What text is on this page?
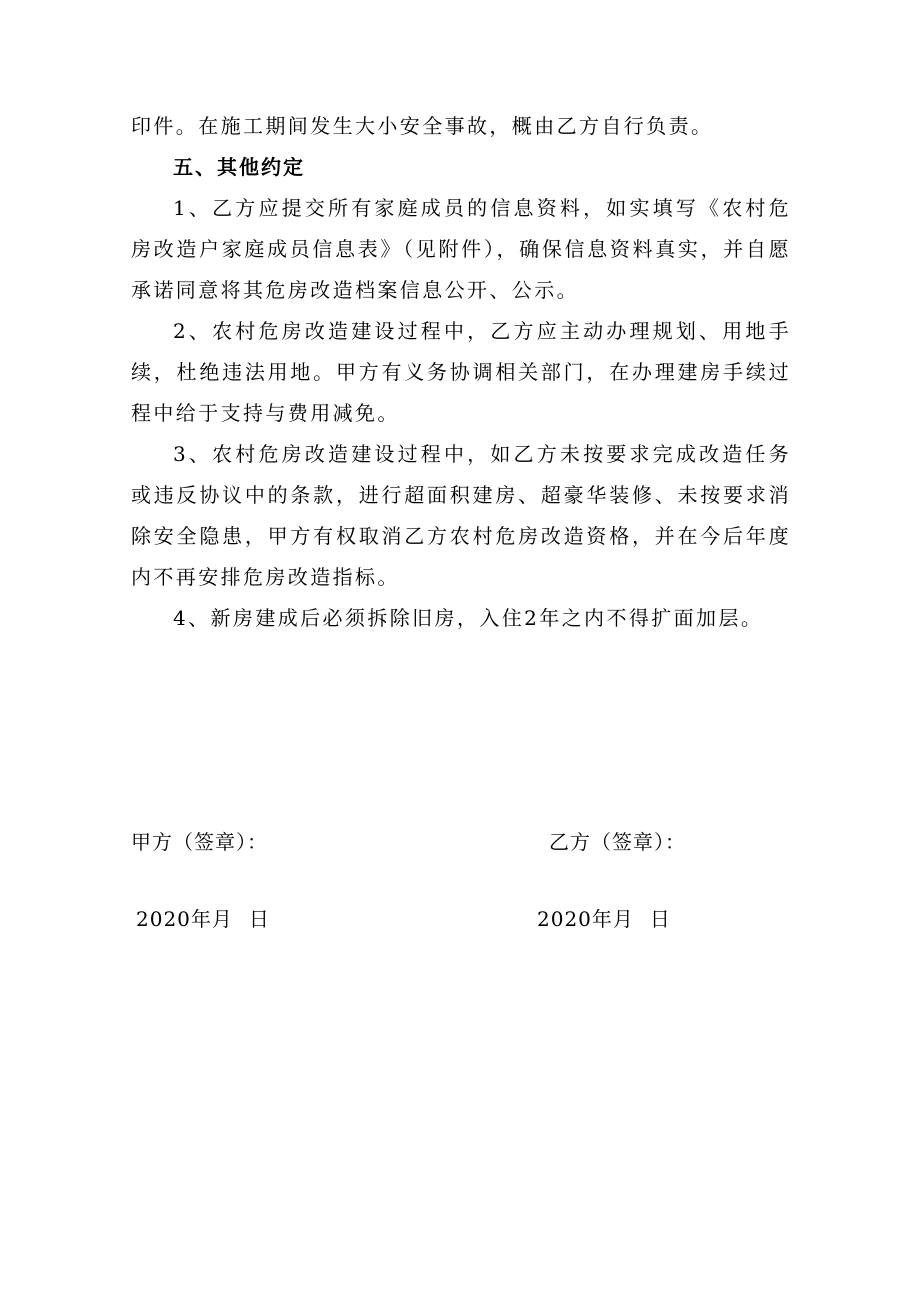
印件。在施工期间发生大小安全事故，概由乙方自行负责。

五、其他约定

1、乙方应提交所有家庭成员的信息资料，如实填写《农村危房改造户家庭成员信息表》（见附件），确保信息资料真实，并自愿承诺同意将其危房改造档案信息公开、公示。

2、农村危房改造建设过程中，乙方应主动办理规划、用地手续，杜绝违法用地。甲方有义务协调相关部门，在办理建房手续过程中给于支持与费用减免。

3、农村危房改造建设过程中，如乙方未按要求完成改造任务或违反协议中的条款，进行超面积建房、超豪华装修、未按要求消除安全隐患，甲方有权取消乙方农村危房改造资格，并在今后年度内不再安排危房改造指标。

4、新房建成后必须拆除旧房，入住2年之内不得扩面加层。

甲方（签章）：	乙方（签章）：
2020年月 日	2020年月 日
